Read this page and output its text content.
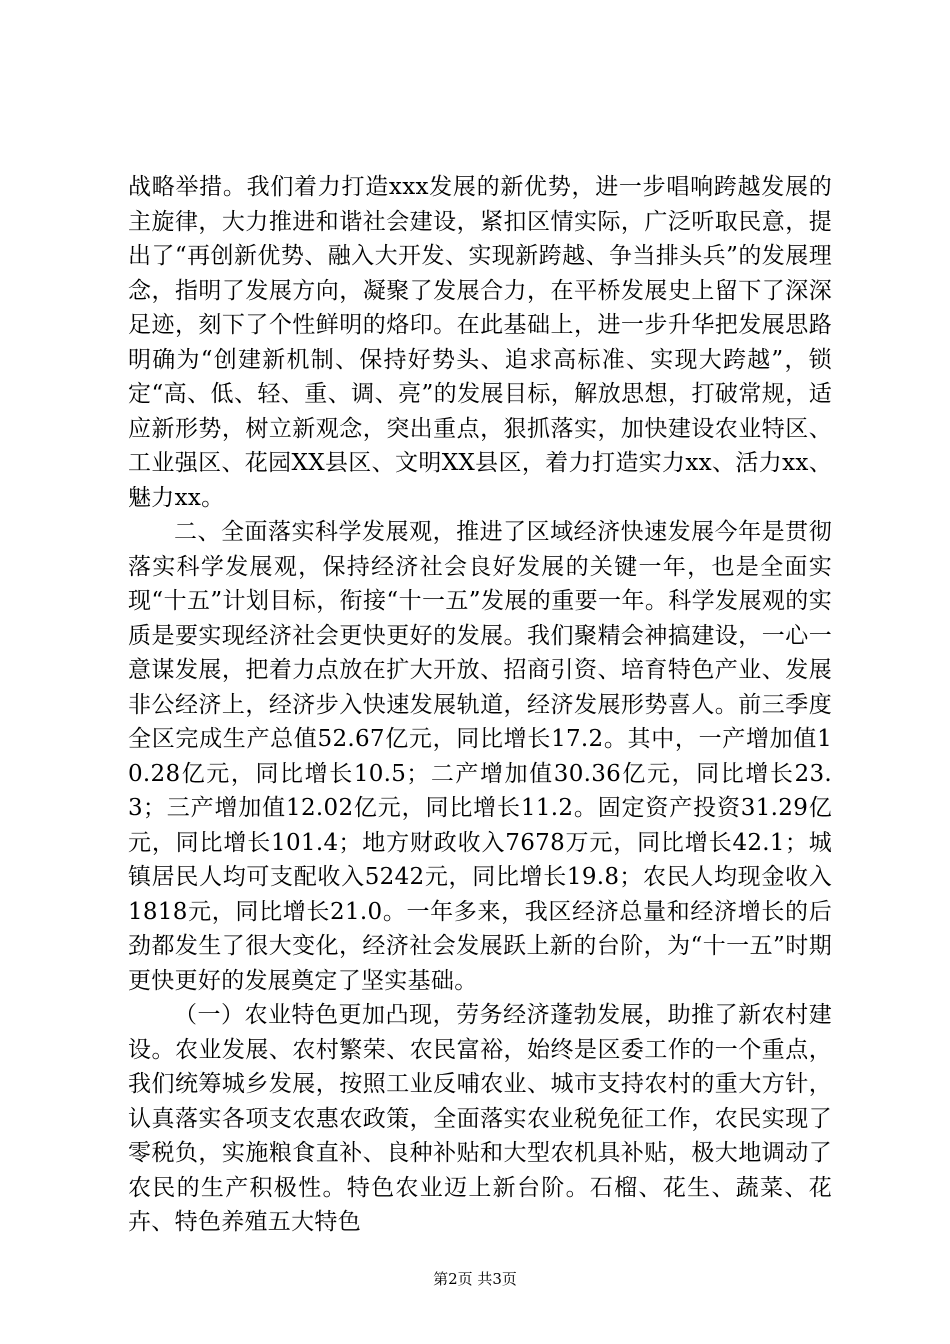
战略举措。我们着力打造xxx发展的新优势，进一步唱响跨越发展的主旋律，大力推进和谐社会建设，紧扣区情实际，广泛听取民意，提出了“再创新优势、融入大开发、实现新跨越、争当排头兵”的发展理念，指明了发展方向，凝聚了发展合力，在平桥发展史上留下了深深足迹，刻下了个性鲜明的烙印。在此基础上，进一步升华把发展思路明确为“创建新机制、保持好势头、追求高标准、实现大跨越”，锁定“高、低、轻、重、调、亮”的发展目标，解放思想，打破常规，适应新形势，树立新观念，突出重点，狠抓落实，加快建设农业特区、工业强区、花园XX县区、文明XX县区，着力打造实力xx、活力xx、魅力xx。

二、全面落实科学发展观，推进了区域经济快速发展今年是贯彻落实科学发展观，保持经济社会良好发展的关键一年，也是全面实现“十五”计划目标，衔接“十一五”发展的重要一年。科学发展观的实质是要实现经济社会更快更好的发展。我们聚精会神搞建设，一心一意谋发展，把着力点放在扩大开放、招商引资、培育特色产业、发展非公经济上，经济步入快速发展轨道，经济发展形势喜人。前三季度全区完成生产总值52.67亿元，同比增长17.2。其中，一产增加值10.28亿元，同比增长10.5；二产增加值30.36亿元，同比增长23.3；三产增加值12.02亿元，同比增长11.2。固定资产投资31.29亿元，同比增长101.4；地方财政收入7678万元，同比增长42.1；城镇居民人均可支配收入5242元，同比增长19.8；农民人均现金收入1818元，同比增长21.0。一年多来，我区经济总量和经济增长的后劲都发生了很大变化，经济社会发展跃上新的台阶，为“十一五”时期更快更好的发展奠定了坚实基础。

（一）农业特色更加凸现，劳务经济蓬勃发展，助推了新农村建设。农业发展、农村繁荣、农民富裕，始终是区委工作的一个重点，我们统筹城乡发展，按照工业反哺农业、城市支持农村的重大方针，认真落实各项支农惠农政策，全面落实农业税免征工作，农民实现了零税负，实施粮食直补、良种补贴和大型农机具补贴，极大地调动了农民的生产积极性。特色农业迈上新台阶。石榴、花生、蔬菜、花卉、特色养殖五大特色

第2页 共3页
